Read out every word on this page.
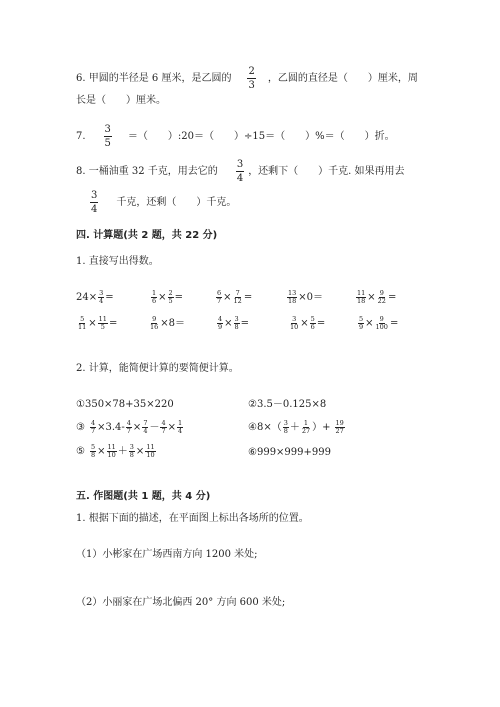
6. 甲圆的半径是 6 厘米，是乙圆的 $\frac{2}{3}$ ，乙圆的直径是（　　）厘米，周
长是（　　）厘米。
7. $\frac{3}{5}$ ＝（　　）:20＝（　　）÷15＝（　　）%＝（　　）折。
8. 一桶油重 32 千克，用去它的 $\frac{3}{4}$ ，还剩下（　　）千克. 如果再用去
$\frac{3}{4}$ 千克，还剩（　　）千克。
四. 计算题(共 2 题，共 22 分)
1. 直接写出得数。
$24\times \frac{3}{4}$ =	$\frac{1}{6} \times \frac{2}{5}$ =	$\frac{6}{7} \times \frac{7}{12}$ =	$\frac{13}{18} \times 0=$	$\frac{11}{18} \times \frac{9}{22}$ =
$\frac{5}{11} \times \frac{11}{5}$ =	$\frac{9}{16} \times 8=$	$\frac{4}{9} \times \frac{3}{8}$ =	$\frac{3}{10} \times \frac{5}{6}$ =	$\frac{5}{9} \times \frac{9}{100}$ =
2. 计算，能简便计算的要简便计算。
①350×78+35×220	②3.5－0.125×8
③ $\frac{4}{7} \times 3.4- \frac{4}{7} \times \frac{7}{4} - \frac{4}{7} \times \frac{1}{4}$	④8×（ $\frac{3}{8} + \frac{1}{27}$ ）+ $\frac{19}{27}$
⑤ $\frac{5}{8} \times \frac{11}{10} + \frac{3}{8} \times \frac{11}{10}$	⑥999×999+999
五. 作图题(共 1 题，共 4 分)
1. 根据下面的描述，在平面图上标出各场所的位置。
（1）小彬家在广场西南方向 1200 米处;
（2）小丽家在广场北偏西 20° 方向 600 米处;
